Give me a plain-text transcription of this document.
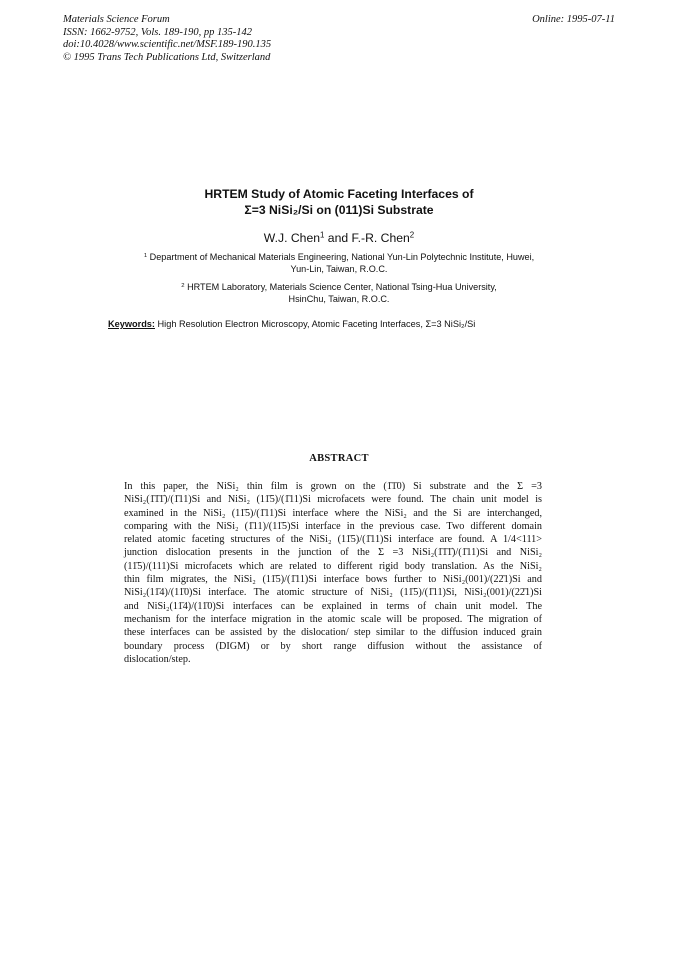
Materials Science Forum
ISSN: 1662-9752, Vols. 189-190, pp 135-142
doi:10.4028/www.scientific.net/MSF.189-190.135
© 1995 Trans Tech Publications Ltd, Switzerland
Online: 1995-07-11
HRTEM Study of Atomic Faceting Interfaces of
Σ=3 NiSi₂/Si on (011)Si Substrate
W.J. Chen$^1$ and F.-R. Chen$^2$
$^1$ Department of Mechanical Materials Engineering, National Yun-Lin Polytechnic Institute, Huwei,
Yun-Lin, Taiwan, R.O.C.
$^2$ HRTEM Laboratory, Materials Science Center, National Tsing-Hua University,
HsinChu, Taiwan, R.O.C.
Keywords: High Resolution Electron Microscopy, Atomic Faceting Interfaces, Σ=3 NiSi₂/Si
ABSTRACT
In this paper, the NiSi₂ thin film is grown on the (1̄1̄0) Si substrate and the Σ =3
NiSi₂(1̄1̄1̄)/(1̄11)Si and NiSi₂ (11̄5)/(1̄11)Si microfacets were found. The chain unit model is
examined in the NiSi₂ (11̄5)/(1̄11)Si interface where the NiSi₂ and the Si are interchanged,
comparing with the NiSi₂ (1̄11)/(11̄5)Si interface in the previous case. Two different domain
related atomic faceting structures of the NiSi₂ (11̄5)/(1̄11)Si interface are found. A 1/4<111>
junction dislocation presents in the junction of the Σ =3 NiSi₂(1̄1̄1̄)/(1̄11)Si and NiSi₂
(11̄5)/(111)Si microfacets which are related to different rigid body translation. As the NiSi₂
thin film migrates, the NiSi₂ (11̄5)/(1̄11)Si interface bows further to NiSi₂(001)/(22̄1)Si and
NiSi₂(11̄4)/(11̄0)Si interface. The atomic structure of NiSi₂ (11̄5)/(1̄11)Si, NiSi₂(001)/(22̄1)Si
and NiSi₂(11̄4)/(11̄0)Si interfaces can be explained in terms of chain unit model. The
mechanism for the interface migration in the atomic scale will be proposed. The migration of
these interfaces can be assisted by the dislocation/ step similar to the diffusion induced grain
boundary process (DIGM) or by short range diffusion without the assistance of
dislocation/step.
